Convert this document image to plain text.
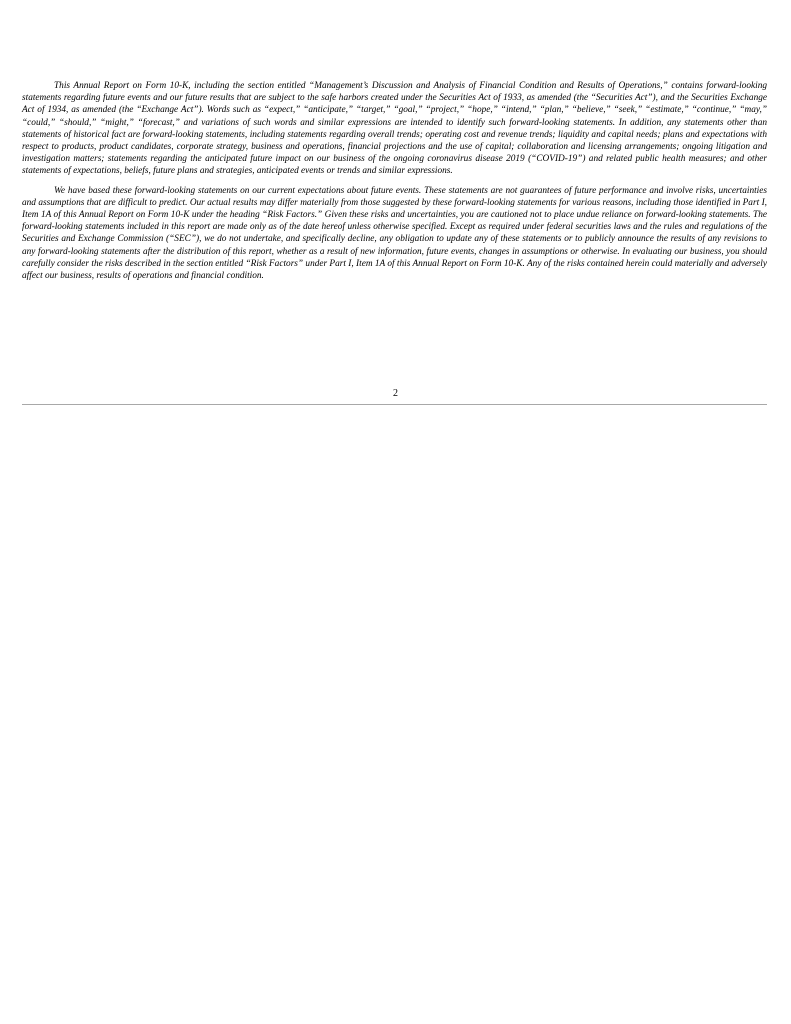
This Annual Report on Form 10-K, including the section entitled “Management’s Discussion and Analysis of Financial Condition and Results of Operations,” contains forward-looking statements regarding future events and our future results that are subject to the safe harbors created under the Securities Act of 1933, as amended (the “Securities Act”), and the Securities Exchange Act of 1934, as amended (the “Exchange Act”). Words such as “expect,” “anticipate,” “target,” “goal,” “project,” “hope,” “intend,” “plan,” “believe,” “seek,” “estimate,” “continue,” “may,” “could,” “should,” “might,” “forecast,” and variations of such words and similar expressions are intended to identify such forward-looking statements. In addition, any statements other than statements of historical fact are forward-looking statements, including statements regarding overall trends; operating cost and revenue trends; liquidity and capital needs; plans and expectations with respect to products, product candidates, corporate strategy, business and operations, financial projections and the use of capital; collaboration and licensing arrangements; ongoing litigation and investigation matters; statements regarding the anticipated future impact on our business of the ongoing coronavirus disease 2019 (“COVID-19”) and related public health measures; and other statements of expectations, beliefs, future plans and strategies, anticipated events or trends and similar expressions.

We have based these forward-looking statements on our current expectations about future events. These statements are not guarantees of future performance and involve risks, uncertainties and assumptions that are difficult to predict. Our actual results may differ materially from those suggested by these forward-looking statements for various reasons, including those identified in Part I, Item 1A of this Annual Report on Form 10-K under the heading “Risk Factors.” Given these risks and uncertainties, you are cautioned not to place undue reliance on forward-looking statements. The forward-looking statements included in this report are made only as of the date hereof unless otherwise specified. Except as required under federal securities laws and the rules and regulations of the Securities and Exchange Commission (“SEC”), we do not undertake, and specifically decline, any obligation to update any of these statements or to publicly announce the results of any revisions to any forward-looking statements after the distribution of this report, whether as a result of new information, future events, changes in assumptions or otherwise. In evaluating our business, you should carefully consider the risks described in the section entitled “Risk Factors” under Part I, Item 1A of this Annual Report on Form 10-K. Any of the risks contained herein could materially and adversely affect our business, results of operations and financial condition.

2
